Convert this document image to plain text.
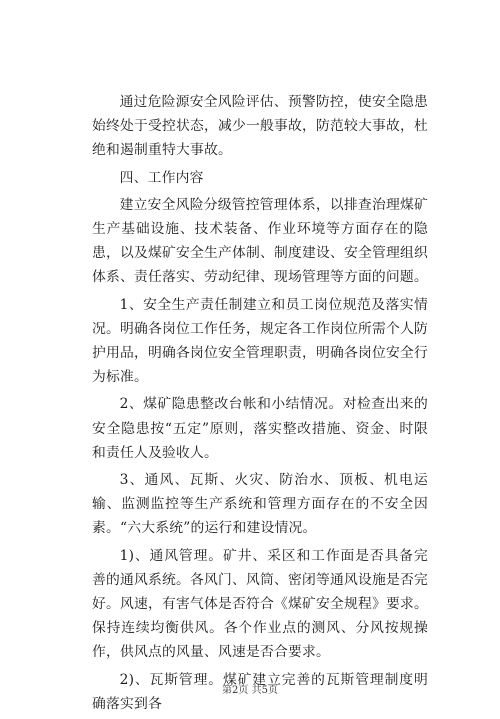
通过危险源安全风险评估、预警防控，使安全隐患始终处于受控状态，减少一般事故，防范较大事故，杜绝和遏制重特大事故。

四、工作内容

建立安全风险分级管控管理体系，以排查治理煤矿生产基础设施、技术装备、作业环境等方面存在的隐患，以及煤矿安全生产体制、制度建设、安全管理组织体系、责任落实、劳动纪律、现场管理等方面的问题。

1、安全生产责任制建立和员工岗位规范及落实情况。明确各岗位工作任务，规定各工作岗位所需个人防护用品，明确各岗位安全管理职责，明确各岗位安全行为标准。

2、煤矿隐患整改台帐和小结情况。对检查出来的安全隐患按“五定”原则，落实整改措施、资金、时限和责任人及验收人。

3、通风、瓦斯、火灾、防治水、顶板、机电运输、监测监控等生产系统和管理方面存在的不安全因素。“六大系统”的运行和建设情况。

1)、通风管理。矿井、采区和工作面是否具备完善的通风系统。各风门、风筒、密闭等通风设施是否完好。风速，有害气体是否符合《煤矿安全规程》要求。保持连续均衡供风。各个作业点的测风、分风按规操作，供风点的风量、风速是否合要求。

2)、瓦斯管理。煤矿建立完善的瓦斯管理制度明确落实到各

第2页 共5页
